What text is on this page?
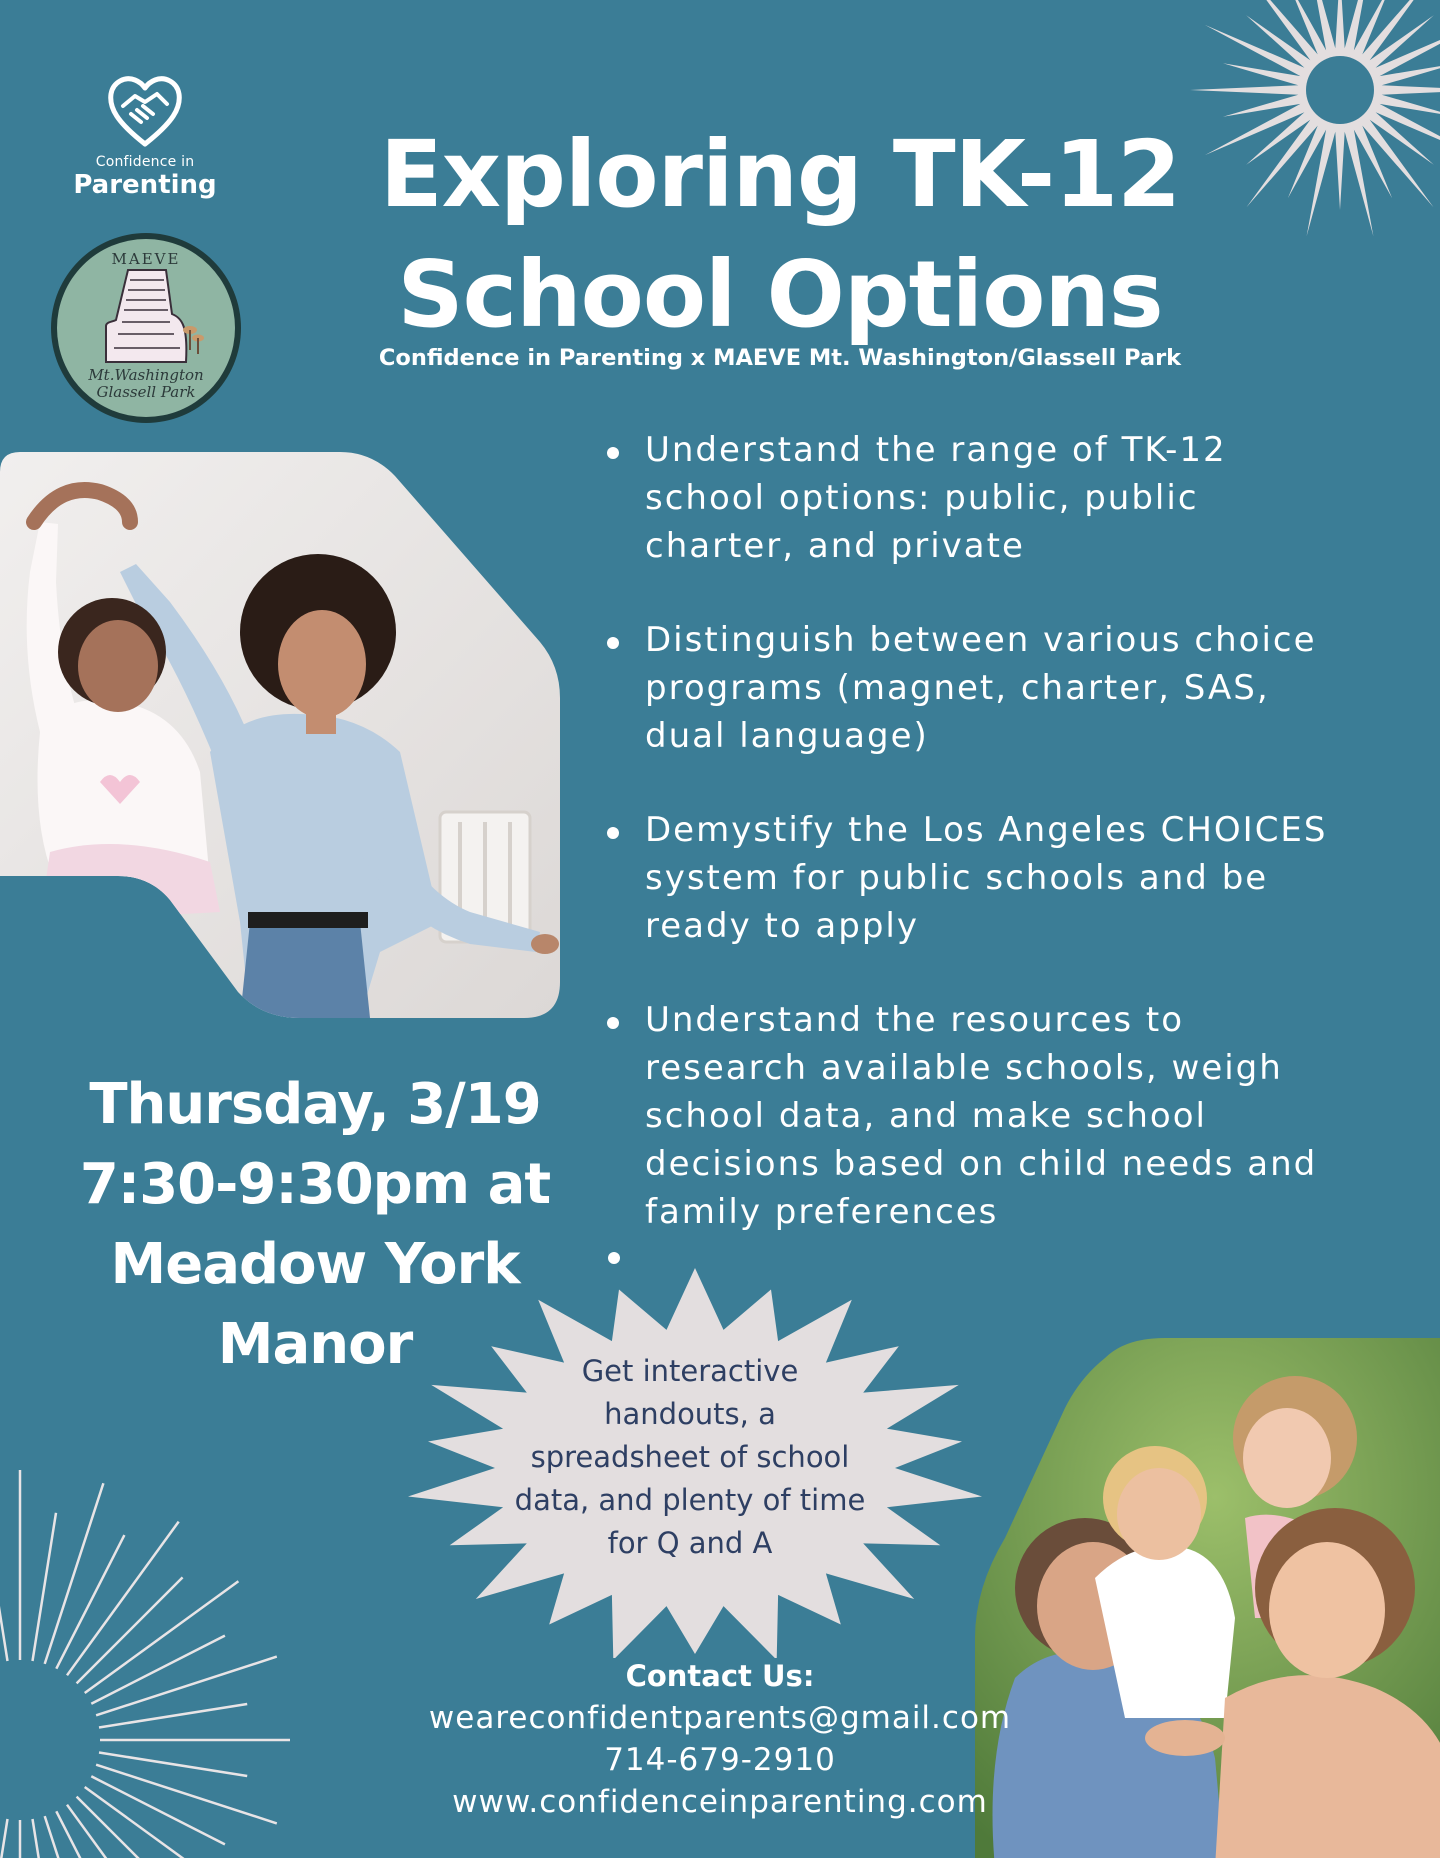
Confidence in
Parenting
MAEVE
Mt.Washington
Glassell Park
Exploring TK-12
School Options
Confidence in Parenting x MAEVE Mt. Washington/Glassell Park
Understand the range of TK-12
school options: public, public
charter, and private
Distinguish between various choice
programs (magnet, charter, SAS,
dual language)
Demystify the Los Angeles CHOICES
system for public schools and be
ready to apply
Understand the resources to
research available schools, weigh
school data, and make school
decisions based on child needs and
family preferences
Thursday, 3/19
7:30-9:30pm at
Meadow York
Manor	Get interactive
handouts, a
spreadsheet of school
data, and plenty of time
for Q and A
Contact Us:
weareconfidentparents@gmail.com
714-679-2910
www.confidenceinparenting.com
